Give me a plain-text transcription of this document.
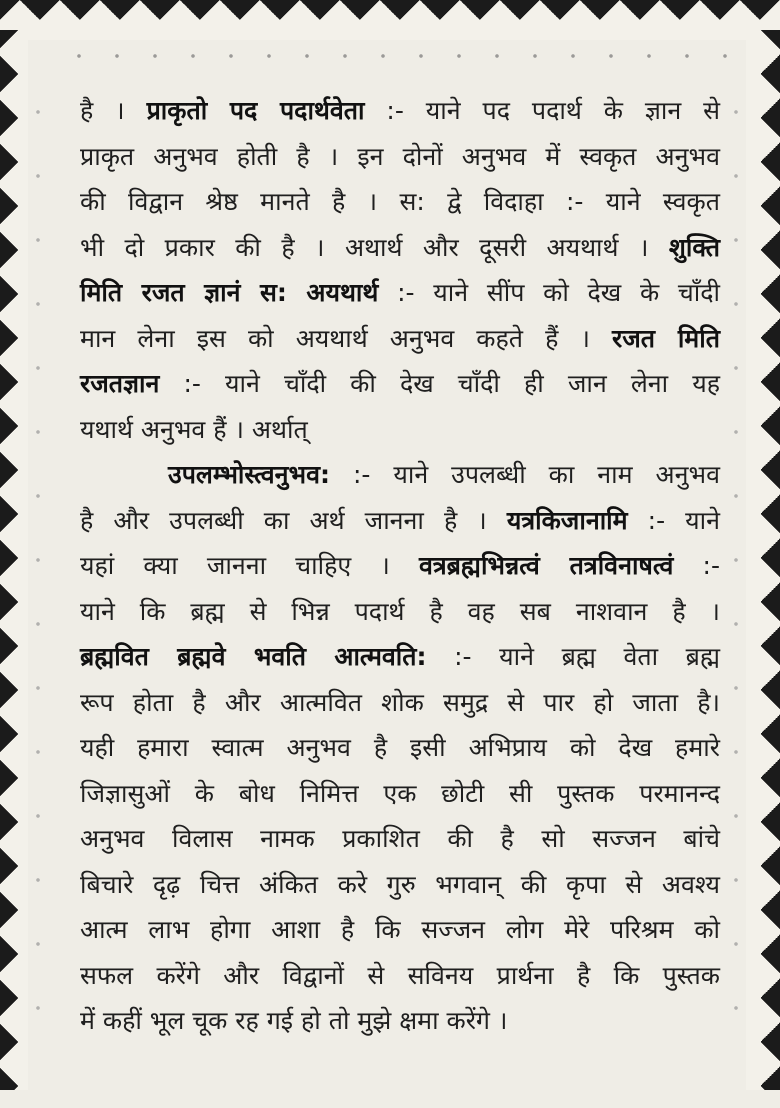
है । प्राकृतो पद पदार्थवेता :- याने पद पदार्थ के ज्ञान से
प्राकृत अनुभव होती है । इन दोनों अनुभव में स्वकृत अनुभव
की विद्वान श्रेष्ठ मानते है । स: द्वे विदाहा :- याने स्वकृत
भी दो प्रकार की है । अथार्थ और दूसरी अयथार्थ । शुक्ति
मिति रजत ज्ञानं स: अयथार्थ :- याने सींप को देख के चाँदी
मान लेना इस को अयथार्थ अनुभव कहते हैं । रजत मिति
रजतज्ञान :- याने चाँदी की देख चाँदी ही जान लेना यह
यथार्थ अनुभव हैं । अर्थात्
उपलम्भोस्त्वनुभव: :- याने उपलब्धी का नाम अनुभव
है और उपलब्धी का अर्थ जानना है । यत्रकिजानामि :- याने
यहां क्या जानना चाहिए । वत्रब्रह्मभिन्नत्वं तत्रविनाषत्वं :-
याने कि ब्रह्म से भिन्न पदार्थ है वह सब नाशवान है ।
ब्रह्मवित ब्रह्मवे भवति आत्मवति: :- याने ब्रह्म वेता ब्रह्म
रूप होता है और आत्मवित शोक समुद्र से पार हो जाता है।
यही हमारा स्वात्म अनुभव है इसी अभिप्राय को देख हमारे
जिज्ञासुओं के बोध निमित्त एक छोटी सी पुस्तक परमानन्द
अनुभव विलास नामक प्रकाशित की है सो सज्जन बांचे
बिचारे दृढ़ चित्त अंकित करे गुरु भगवान् की कृपा से अवश्य
आत्म लाभ होगा आशा है कि सज्जन लोग मेरे परिश्रम को
सफल करेंगे और विद्वानों से सविनय प्रार्थना है कि पुस्तक
में कहीं भूल चूक रह गई हो तो मुझे क्षमा करेंगे ।
